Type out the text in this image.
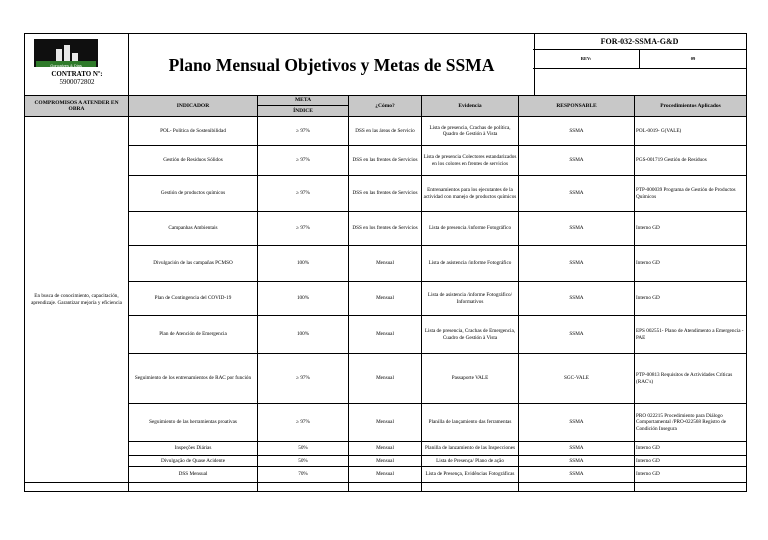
Gonçalves & Dias
CONTRATO Nº:
5900072802
Plano Mensual Objetivos y Metas de SSMA
FOR-032-SSMA-G&D
REV:	09
COMPROMISOS A ATENDER EN OBRA	INDICADOR	META	¿Cómo?	Evidencia	RESPONSABLE	Procedimientos Aplicados
		ÍNDICE				
En busca de conocimiento, capacitación, aprendizaje. Garantizar mejoría y eficiencia	POL- Política de Sostenibilidad	≥ 97%	DSS en las áreas de Servicio	Lista de presencia, Crachas de política, Quadro de Gestión à Vista	SSMA	POL-0019- G(VALE)
	Gestión de Residuos Sólidos	≥ 97%	DSS en las frentes de Servicios	Lista de presencia Colectores estandarizados en los colores en frentes de servicios	SSMA	PGS-001719 Gestión de Residuos
	Gestión de productos químicos	≥ 97%	DSS en las frentes de Servicios	Entrenamientos para los ejecutantes de la actividad con manejo de productos químicos	SSMA	PTP-000039 Programa de Gestión de Productos Químicos
	Campanhas Ambientais	≥ 97%	DSS en los frentes de Servicios	Lista de presencia /informe Fotográfico	SSMA	Interno GD
	Divulgación de las campañas PCMSO	100%	Mensual	Lista de asistencia /informe Fotográfico	SSMA	Interno GD
	Plan de Contingencia del COVID-19	100%	Mensual	Lista de asistencia /informe Fotográfico/ Informativos	SSMA	Interno GD
	Plan de Atención de Emergencia	100%	Mensual	Lista de presencia, Crachas de Emergencia, Cuadro de Gestión à Vista	SSMA	EPS 002551- Plano de Atendimento a Emergencia - PAE
	Seguimiento de los entrenamientos de RAC por función	≥ 97%	Mensual	Passaporte VALE	SGC-VALE	PTP-00813 Requisitos de Actividades Críticas (RAC's)
	Seguimiento de las herramientas proativas	≥ 97%	Mensual	Planilla de lançamiento das ferramentas	SSMA	PRO 022215 Procedimiento para Diálogo Comportamental /PRO-022568 Registro de Condición Insegura
	Inspeções Diárias	50%	Mensual	Planilla de lanzamiento de las Inspecciones	SSMA	Interno GD
	Divulgação de Quase Acidente	50%	Mensual	Lista de Presença/ Plano de ação	SSMA	Interno GD
	DSS Mensual	70%	Mensual	Lista de Presença, Evidências Fotográficas	SSMA	Interno GD
